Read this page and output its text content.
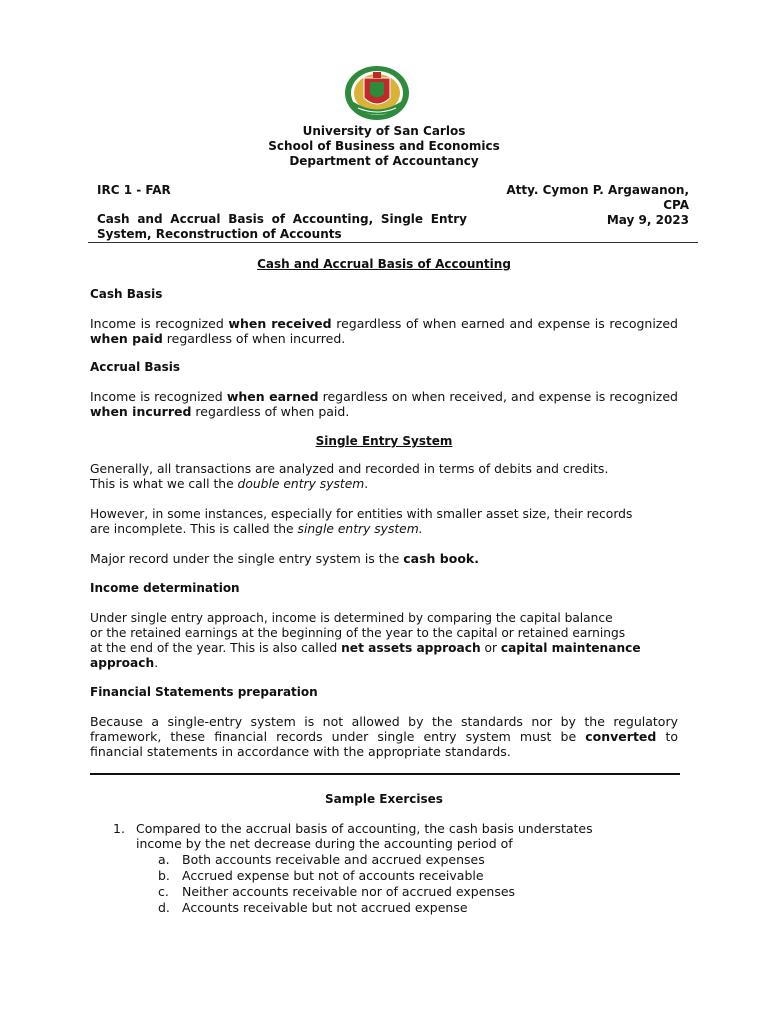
University of San Carlos
School of Business and Economics
Department of Accountancy
IRC 1 - FAR	Atty. Cymon P. Argawanon,
CPA
May 9, 2023
Cash and Accrual Basis of Accounting, Single Entry
System, Reconstruction of Accounts
Cash and Accrual Basis of Accounting
Cash Basis
Income is recognized when received regardless of when earned and expense is recognized when paid regardless of when incurred.
Accrual Basis
Income is recognized when earned regardless on when received, and expense is recognized when incurred regardless of when paid.
Single Entry System
Generally, all transactions are analyzed and recorded in terms of debits and credits.
This is what we call the double entry system.
However, in some instances, especially for entities with smaller asset size, their records
are incomplete. This is called the single entry system.
Major record under the single entry system is the cash book.
Income determination
Under single entry approach, income is determined by comparing the capital balance
or the retained earnings at the beginning of the year to the capital or retained earnings
at the end of the year. This is also called net assets approach or capital maintenance
approach.
Financial Statements preparation
Because a single-entry system is not allowed by the standards nor by the regulatory framework, these financial records under single entry system must be converted to financial statements in accordance with the appropriate standards.
Sample Exercises
1. Compared to the accrual basis of accounting, the cash basis understates
income by the net decrease during the accounting period of
a. Both accounts receivable and accrued expenses
b. Accrued expense but not of accounts receivable
c. Neither accounts receivable nor of accrued expenses
d. Accounts receivable but not accrued expense
